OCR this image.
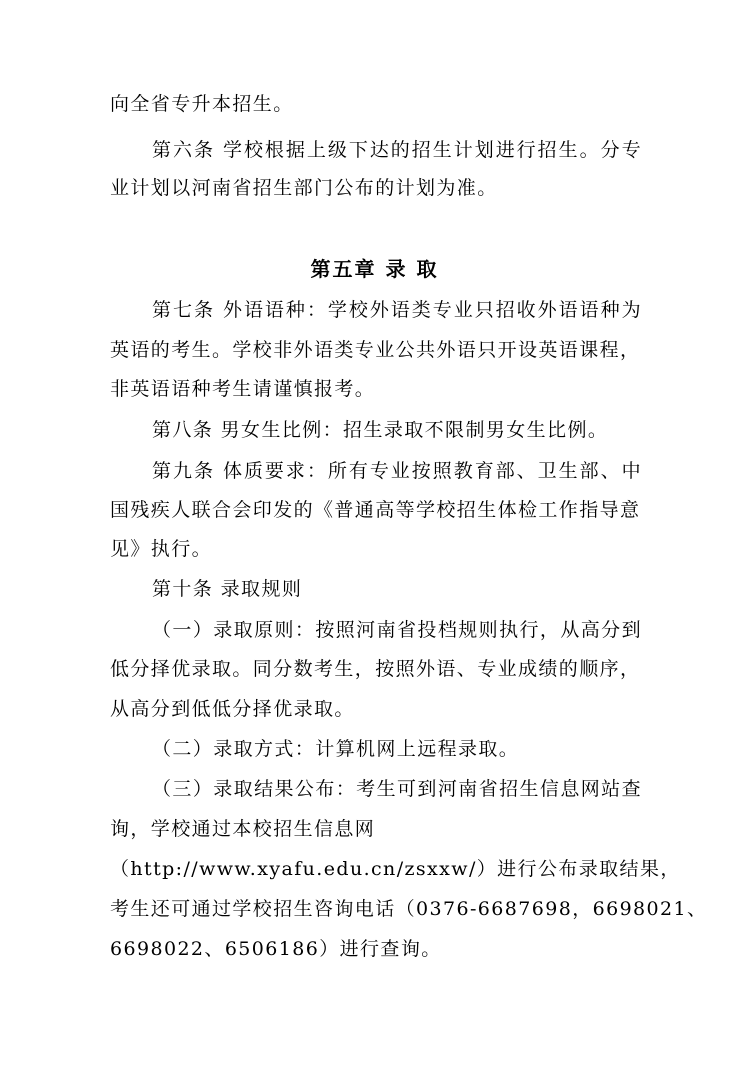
向全省专升本招生。
第六条 学校根据上级下达的招生计划进行招生。分专
业计划以河南省招生部门公布的计划为准。
第五章 录 取
第七条 外语语种：学校外语类专业只招收外语语种为
英语的考生。学校非外语类专业公共外语只开设英语课程，
非英语语种考生请谨慎报考。
第八条 男女生比例：招生录取不限制男女生比例。
第九条 体质要求：所有专业按照教育部、卫生部、中
国残疾人联合会印发的《普通高等学校招生体检工作指导意
见》执行。
第十条 录取规则
（一）录取原则：按照河南省投档规则执行，从高分到
低分择优录取。同分数考生，按照外语、专业成绩的顺序，
从高分到低低分择优录取。
（二）录取方式：计算机网上远程录取。
（三）录取结果公布：考生可到河南省招生信息网站查
询，学校通过本校招生信息网
（http://www.xyafu.edu.cn/zsxxw/）进行公布录取结果，
考生还可通过学校招生咨询电话（0376-6687698，6698021、
6698022、6506186）进行查询。
